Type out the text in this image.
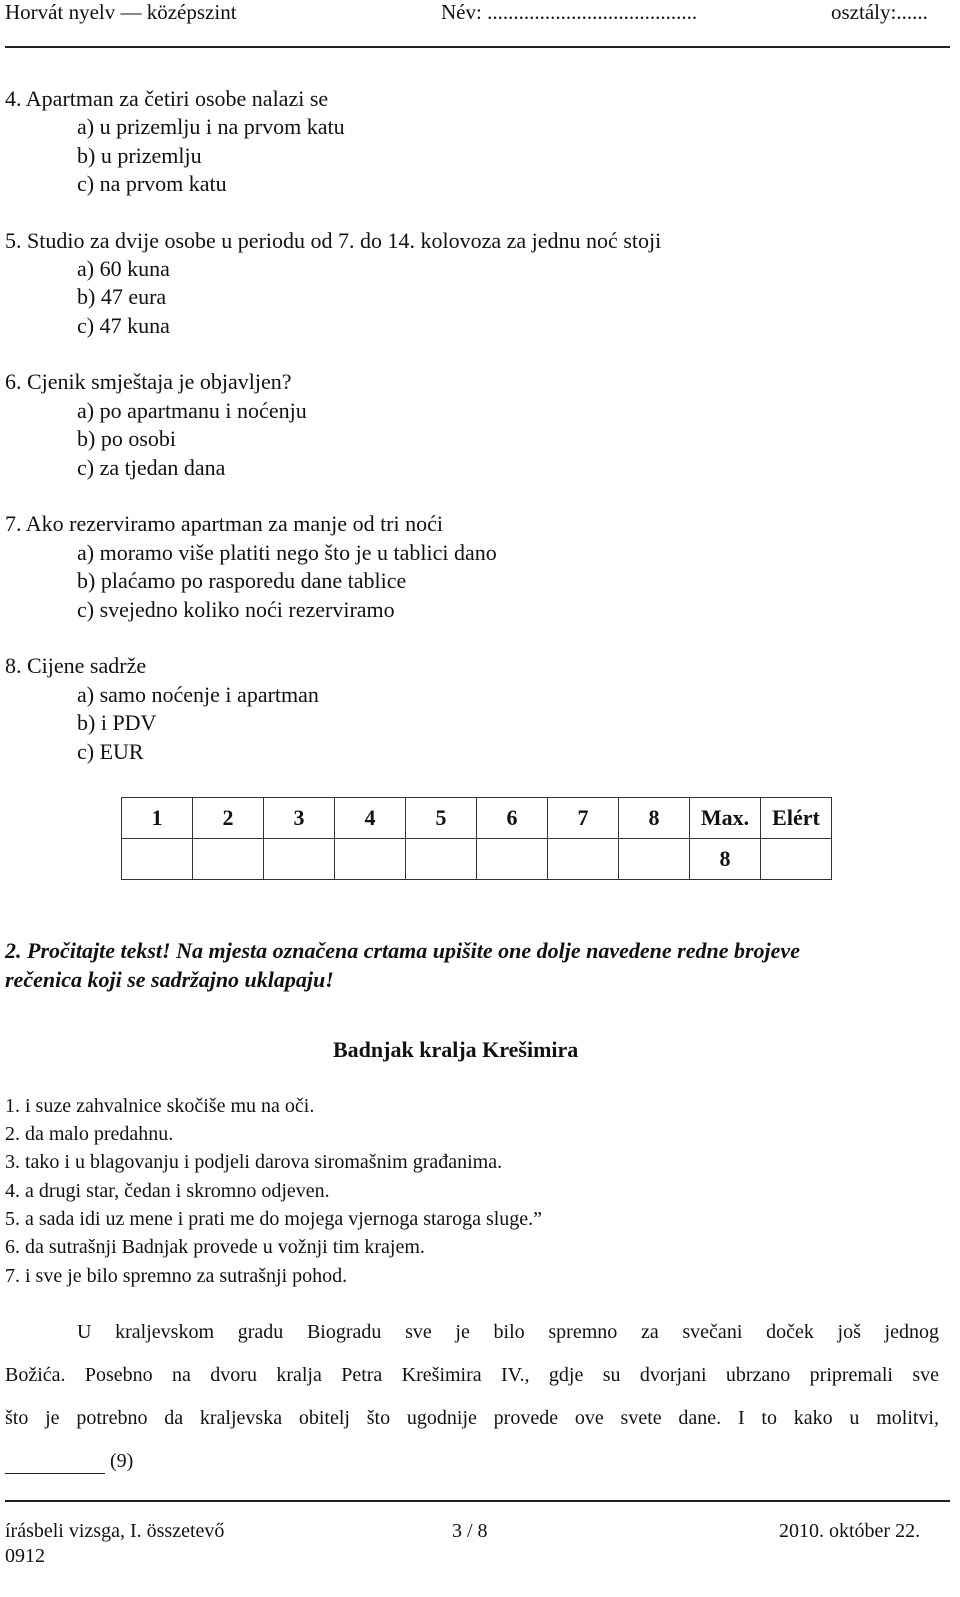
Horvát nyelv — középszint	Név: ........................................	osztály:......
4. Apartman za četiri osobe nalazi se
a) u prizemlju i na prvom katu
b) u prizemlju
c) na prvom katu
5. Studio za dvije osobe u periodu od 7. do 14. kolovoza za jednu noć stoji
a) 60 kuna
b) 47 eura
c) 47 kuna
6. Cjenik smještaja je objavljen?
a) po apartmanu i noćenju
b) po osobi
c) za tjedan dana
7. Ako rezerviramo apartman za manje od tri noći
a) moramo više platiti nego što je u tablici dano
b) plaćamo po rasporedu dane tablice
c) svejedno koliko noći rezerviramo
8. Cijene sadrže
a) samo noćenje i apartman
b) i PDV
c) EUR
1	2	3	4	5	6	7	8	Max.	Elért
								8	
2. Pročitajte tekst! Na mjesta označena crtama upišite one dolje navedene redne brojeve
rečenica koji se sadržajno uklapaju!
Badnjak kralja Krešimira
1. i suze zahvalnice skočiše mu na oči.
2. da malo predahnu.
3. tako i u blagovanju i podjeli darova siromašnim građanima.
4. a drugi star, čedan i skromno odjeven.
5. a sada idi uz mene i prati me do mojega vjernoga staroga sluge.”
6. da sutrašnji Badnjak provede u vožnji tim krajem.
7. i sve je bilo spremno za sutrašnji pohod.
U kraljevskom gradu Biogradu sve je bilo spremno za svečani doček još jednog
Božića. Posebno na dvoru kralja Petra Krešimira IV., gdje su dvorjani ubrzano pripremali sve
što je potrebno da kraljevska obitelj što ugodnije provede ove svete dane. I to kako u molitvi,
(9)
írásbeli vizsga, I. összetevő
0912
3 / 8	2010. október 22.
